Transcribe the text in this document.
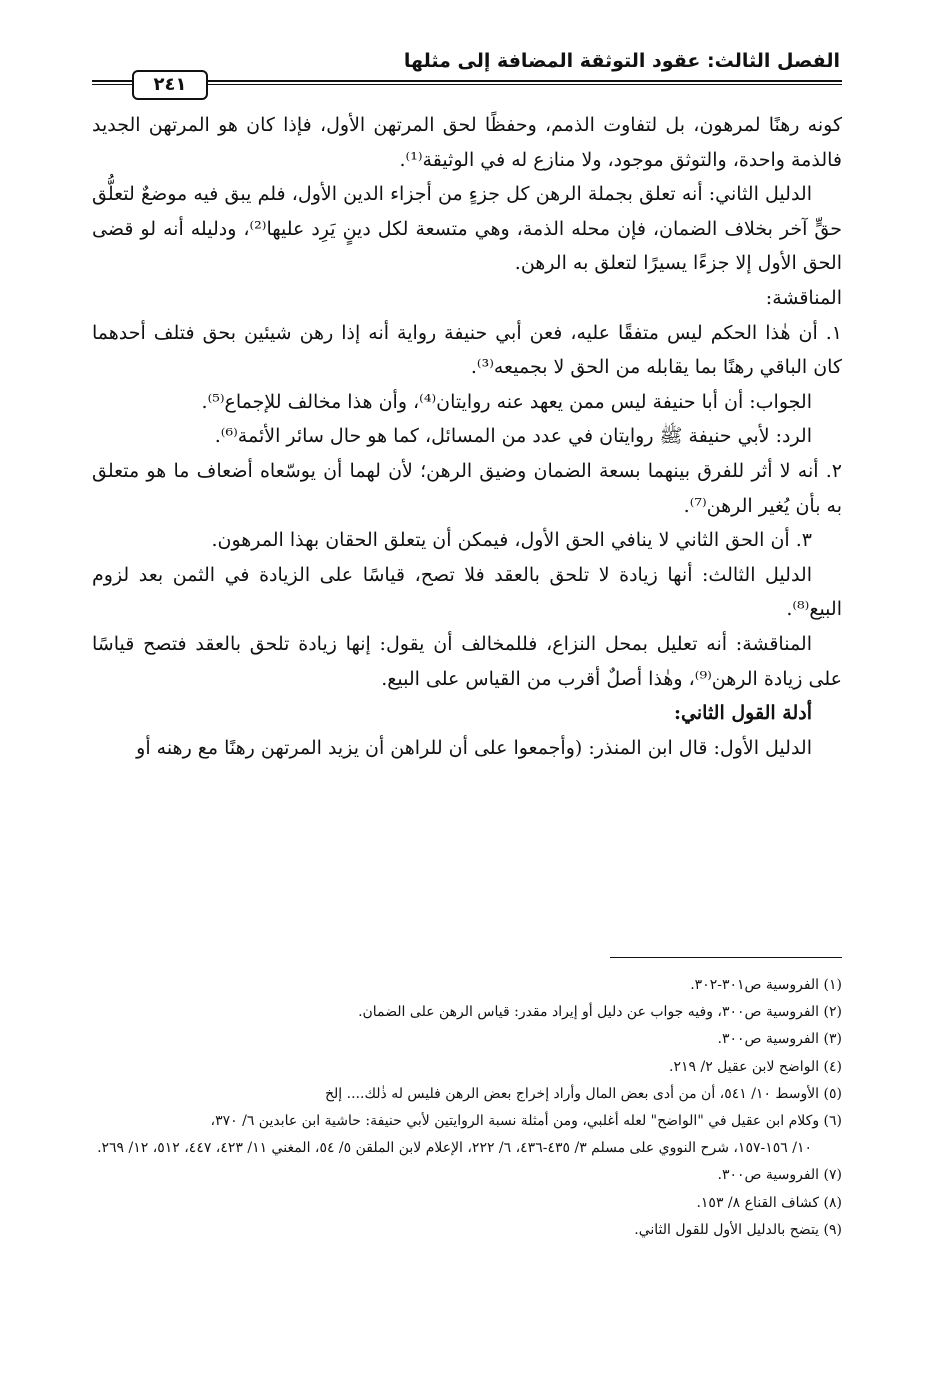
الفصل الثالث: عقود التوثقة المضافة إلى مثلها
٢٤١

كونه رهنًا لمرهون، بل لتفاوت الذمم، وحفظًا لحق المرتهن الأول، فإذا كان هو المرتهن الجديد فالذمة واحدة، والتوثق موجود، ولا منازع له في الوثيقة⁽¹⁾.

الدليل الثاني: أنه تعلق بجملة الرهن كل جزءٍ من أجزاء الدين الأول، فلم يبق فيه موضعٌ لتعلُّق حقٍّ آخر بخلاف الضمان، فإن محله الذمة، وهي متسعة لكل دينٍ يَرِد عليها⁽²⁾، ودليله أنه لو قضى الحق الأول إلا جزءًا يسيرًا لتعلق به الرهن.

المناقشة:

١. أن هٰذا الحكم ليس متفقًا عليه، فعن أبي حنيفة رواية أنه إذا رهن شيئين بحق فتلف أحدهما كان الباقي رهنًا بما يقابله من الحق لا بجميعه⁽³⁾.

الجواب: أن أبا حنيفة ليس ممن يعهد عنه روايتان⁽⁴⁾، وأن هذا مخالف للإجماع⁽⁵⁾.

الرد: لأبي حنيفة ﷺ روايتان في عدد من المسائل، كما هو حال سائر الأئمة⁽⁶⁾.

٢. أنه لا أثر للفرق بينهما بسعة الضمان وضيق الرهن؛ لأن لهما أن يوسّعاه أضعاف ما هو متعلق به بأن يُغير الرهن⁽⁷⁾.

٣. أن الحق الثاني لا ينافي الحق الأول، فيمكن أن يتعلق الحقان بهذا المرهون.

الدليل الثالث: أنها زيادة لا تلحق بالعقد فلا تصح، قياسًا على الزيادة في الثمن بعد لزوم البيع⁽⁸⁾.

المناقشة: أنه تعليل بمحل النزاع، فللمخالف أن يقول: إنها زيادة تلحق بالعقد فتصح قياسًا على زيادة الرهن⁽⁹⁾، وهٰذا أصلٌ أقرب من القياس على البيع.

أدلة القول الثاني:

الدليل الأول: قال ابن المنذر: (وأجمعوا على أن للراهن أن يزيد المرتهن رهنًا مع رهنه أو

(١) الفروسية ص٣٠١-٣٠٢.

(٢) الفروسية ص٣٠٠، وفيه جواب عن دليل أو إيراد مقدر: قياس الرهن على الضمان.

(٣) الفروسية ص٣٠٠.

(٤) الواضح لابن عقيل ٢/ ٢١٩.

(٥) الأوسط ١٠/ ٥٤١، أن من أدى بعض المال وأراد إخراج بعض الرهن فليس له ذٰلك.... إلخ

(٦) وكلام ابن عقيل في "الواضح" لعله أغلبي، ومن أمثلة نسبة الروايتين لأبي حنيفة: حاشية ابن عابدين ٦/ ٣٧٠،

١٠/ ١٥٦-١٥٧، شرح النووي على مسلم ٣/ ٤٣٥-٤٣٦، ٦/ ٢٢٢، الإعلام لابن الملقن ٥/ ٥٤، المغني ١١/ ٤٢٣، ٤٤٧، ٥١٢، ١٢/ ٢٦٩.

(٧) الفروسية ص٣٠٠.

(٨) كشاف القناع ٨/ ١٥٣.

(٩) يتضح بالدليل الأول للقول الثاني.
